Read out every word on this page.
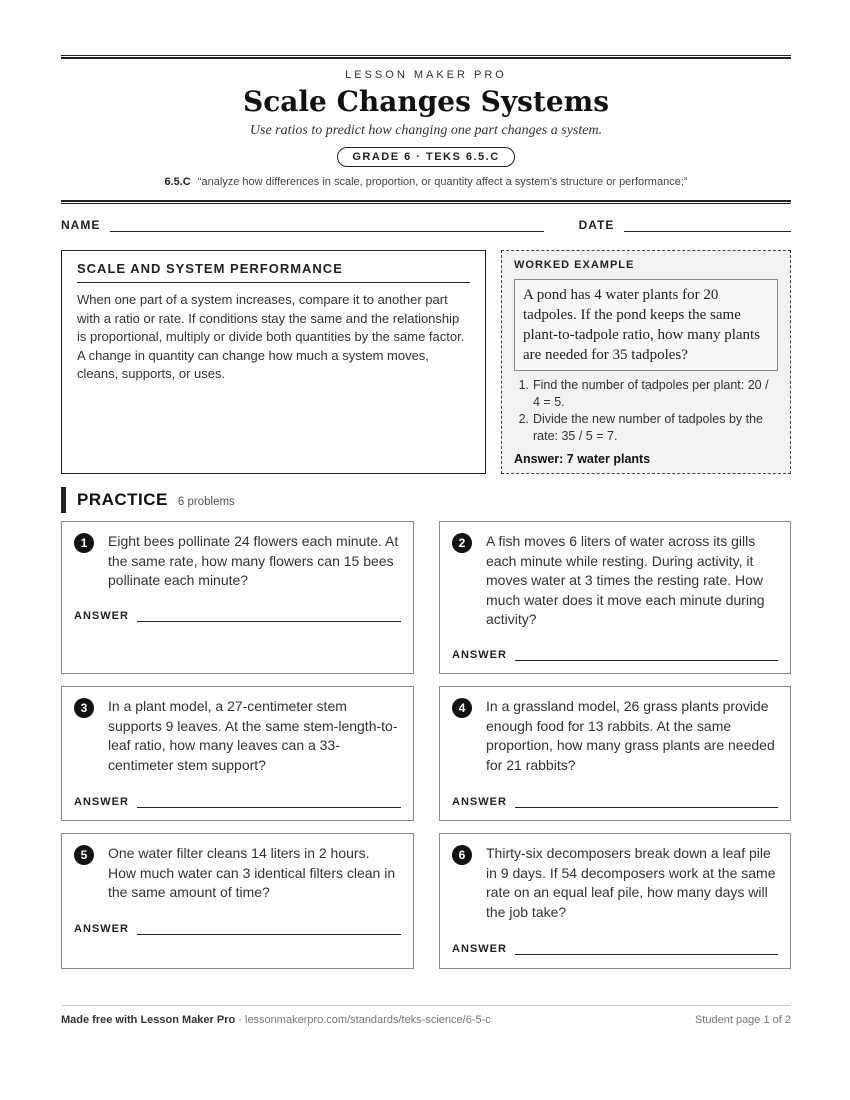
LESSON MAKER PRO
Scale Changes Systems
Use ratios to predict how changing one part changes a system.
GRADE 6 · TEKS 6.5.C
6.5.C “analyze how differences in scale, proportion, or quantity affect a system’s structure or performance;”
NAME	DATE
SCALE AND SYSTEM PERFORMANCE

When one part of a system increases, compare it to another part with a ratio or rate. If conditions stay the same and the relationship is proportional, multiply or divide both quantities by the same factor. A change in quantity can change how much a system moves, cleans, supports, or uses.

WORKED EXAMPLE
A pond has 4 water plants for 20 tadpoles. If the pond keeps the same plant-to-tadpole ratio, how many plants are needed for 35 tadpoles?
1. Find the number of tadpoles per plant: 20 / 4 = 5.
2. Divide the new number of tadpoles by the rate: 35 / 5 = 7.
Answer: 7 water plants
PRACTICE 6 problems
1	Eight bees pollinate 24 flowers each minute. At the same rate, how many flowers can 15 bees pollinate each minute?
ANSWER
2	A fish moves 6 liters of water across its gills each minute while resting. During activity, it moves water at 3 times the resting rate. How much water does it move each minute during activity?
ANSWER
3	In a plant model, a 27-centimeter stem supports 9 leaves. At the same stem-length-to-leaf ratio, how many leaves can a 33-centimeter stem support?
ANSWER
4	In a grassland model, 26 grass plants provide enough food for 13 rabbits. At the same proportion, how many grass plants are needed for 21 rabbits?
ANSWER
5	One water filter cleans 14 liters in 2 hours. How much water can 3 identical filters clean in the same amount of time?
ANSWER
6	Thirty-six decomposers break down a leaf pile in 9 days. If 54 decomposers work at the same rate on an equal leaf pile, how many days will the job take?
ANSWER
Made free with Lesson Maker Pro · lessonmakerpro.com/standards/teks-science/6-5-c	Student page 1 of 2
